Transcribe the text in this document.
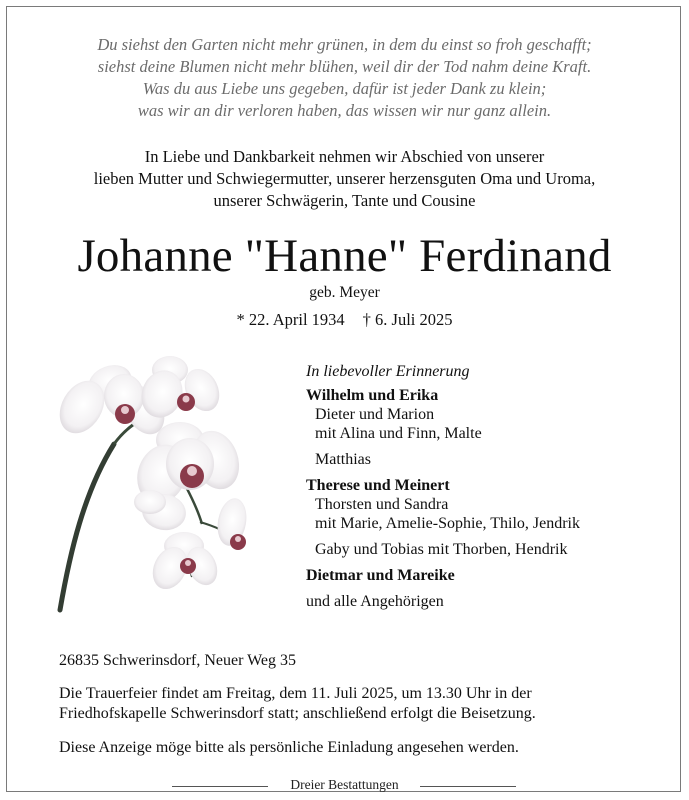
Du siehst den Garten nicht mehr grünen, in dem du einst so froh geschafft;
siehst deine Blumen nicht mehr blühen, weil dir der Tod nahm deine Kraft.
Was du aus Liebe uns gegeben, dafür ist jeder Dank zu klein;
was wir an dir verloren haben, das wissen wir nur ganz allein.
In Liebe und Dankbarkeit nehmen wir Abschied von unserer
lieben Mutter und Schwiegermutter, unserer herzensguten Oma und Uroma,
unserer Schwägerin, Tante und Cousine
Johanne "Hanne" Ferdinand
geb. Meyer
* 22. April 1934 † 6. Juli 2025
In liebevoller Erinnerung
Wilhelm und Erika
Dieter und Marion
mit Alina und Finn, Malte
Matthias
Therese und Meinert
Thorsten und Sandra
mit Marie, Amelie-Sophie, Thilo, Jendrik
Gaby und Tobias mit Thorben, Hendrik
Dietmar und Mareike
und alle Angehörigen
26835 Schwerinsdorf, Neuer Weg 35
Die Trauerfeier findet am Freitag, dem 11. Juli 2025, um 13.30 Uhr in der
Friedhofskapelle Schwerinsdorf statt; anschließend erfolgt die Beisetzung.
Diese Anzeige möge bitte als persönliche Einladung angesehen werden.
Dreier Bestattungen
